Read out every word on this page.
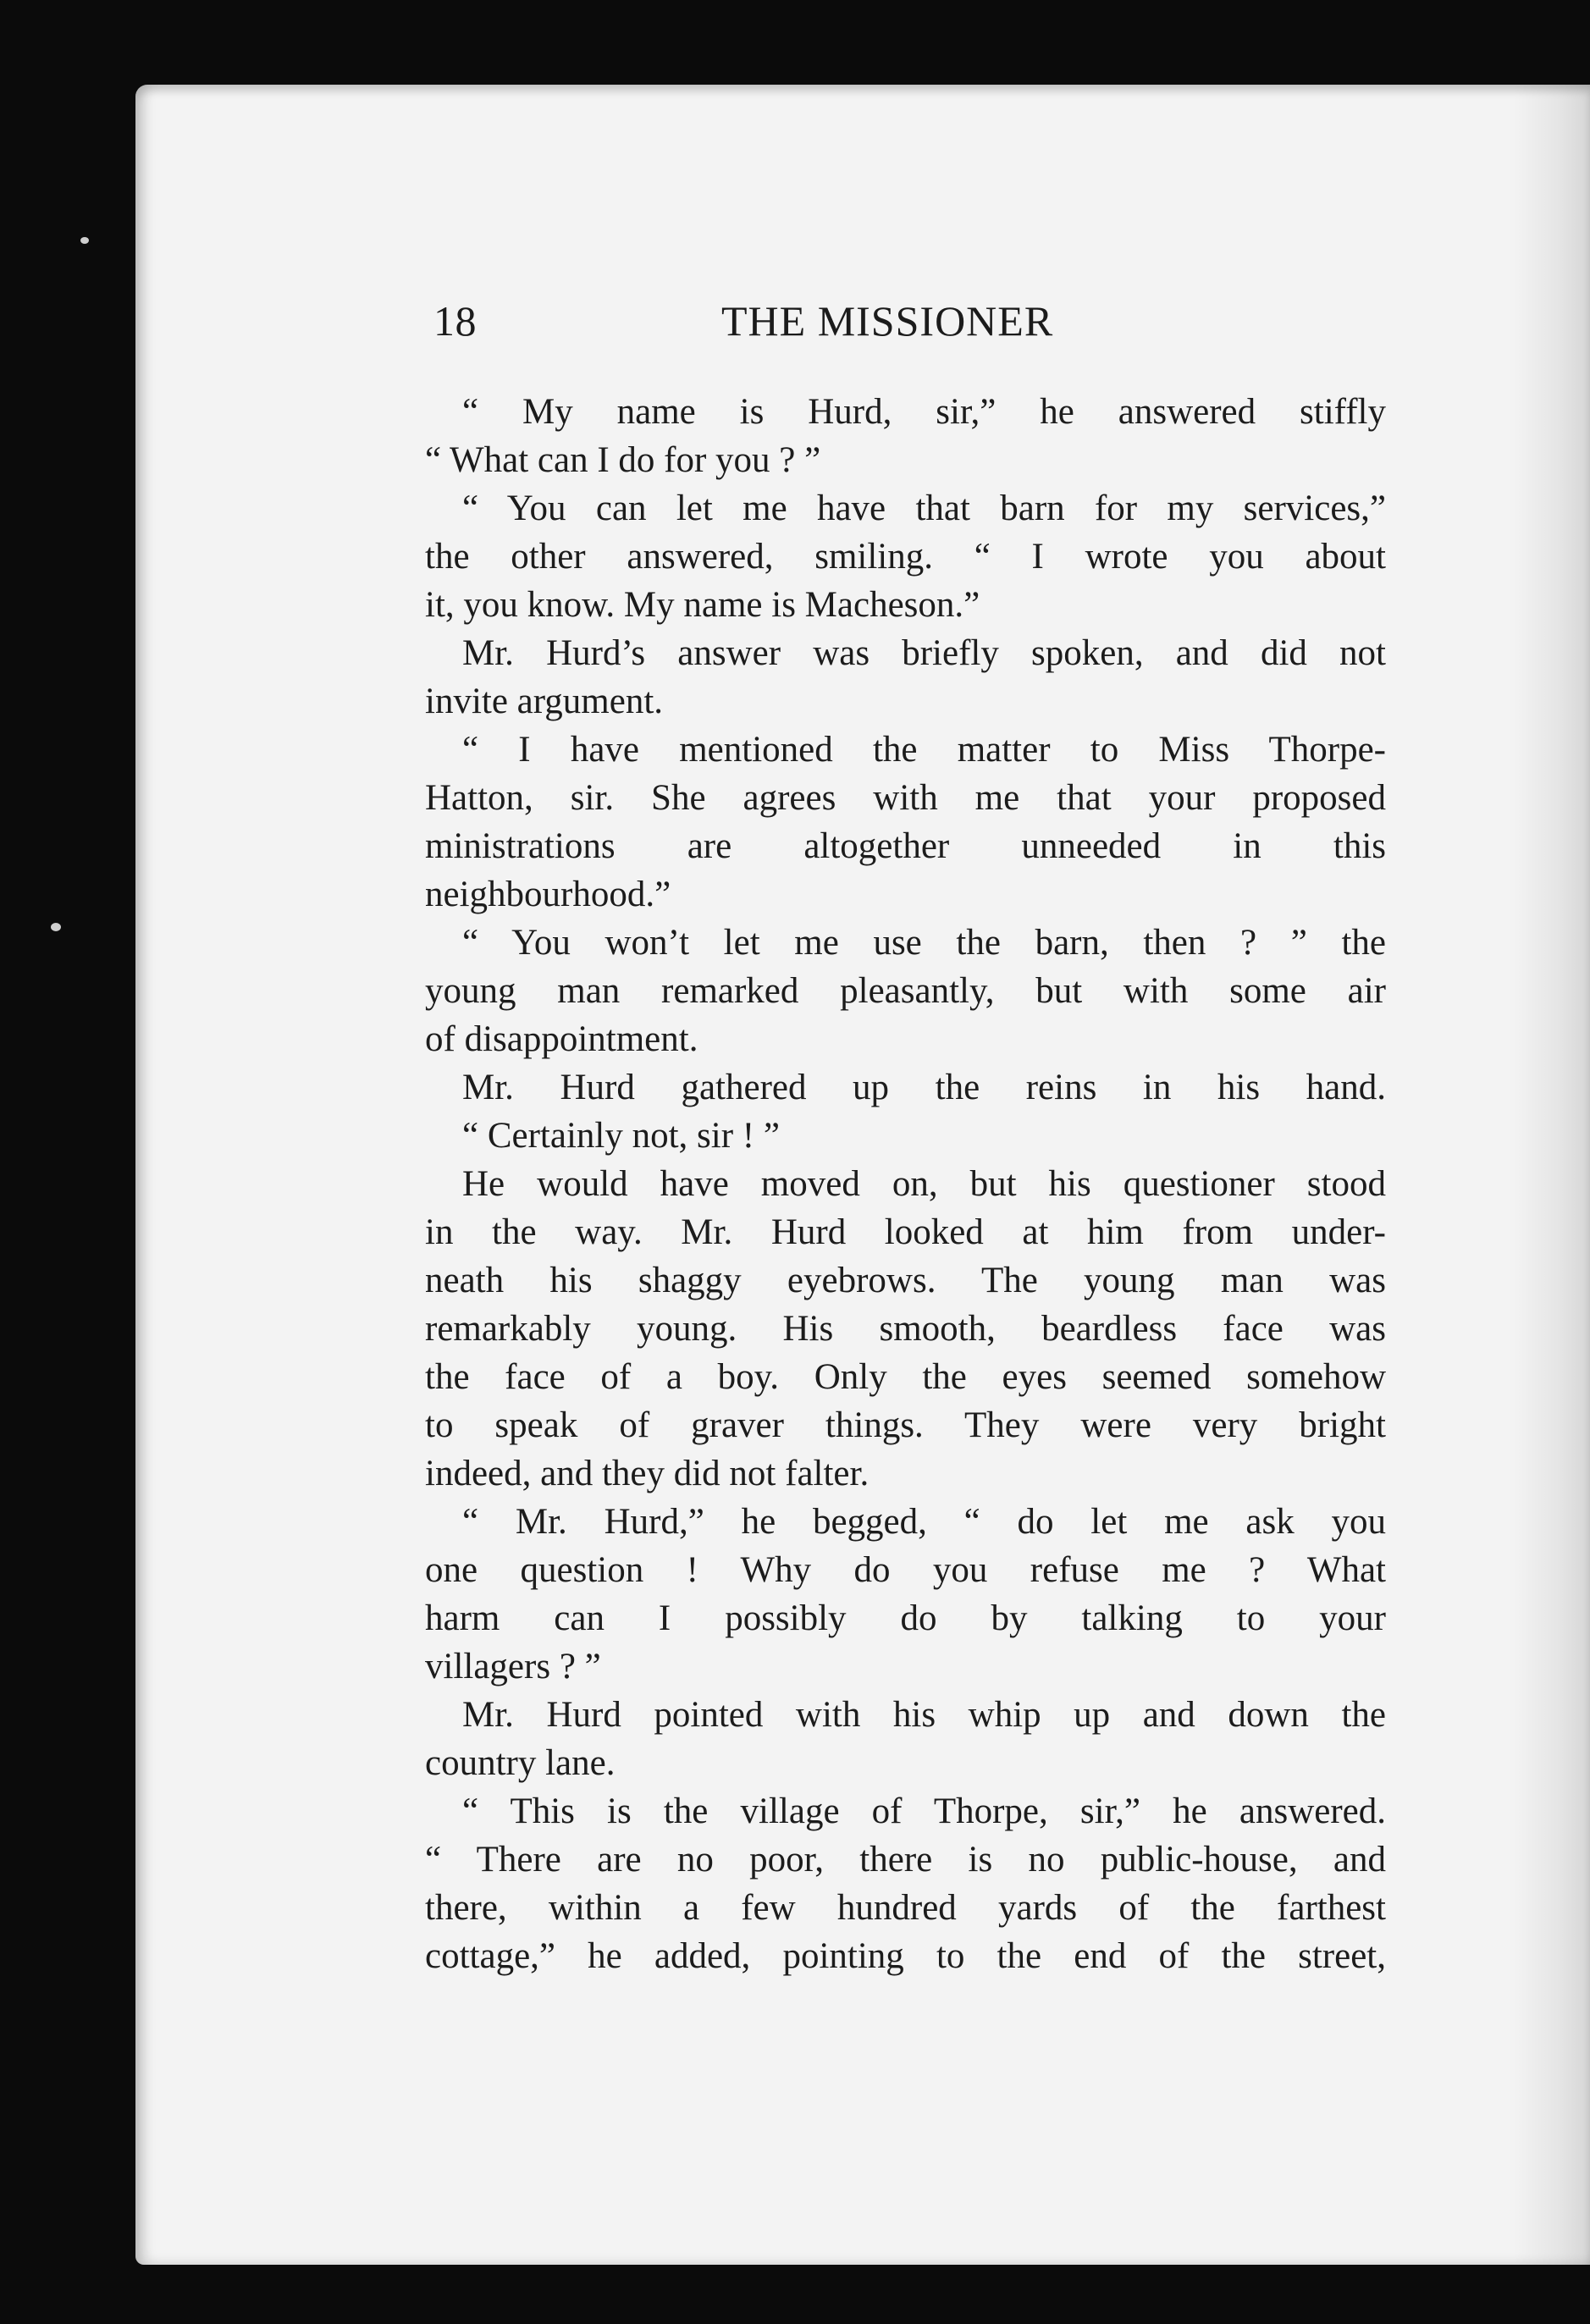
18	THE MISSIONER
“ My name is Hurd, sir,” he answered stiffly
“ What can I do for you ? ”
“ You can let me have that barn for my services,”
the other answered, smiling. “ I wrote you about
it, you know. My name is Macheson.”
Mr. Hurd’s answer was briefly spoken, and did not
invite argument.
“ I have mentioned the matter to Miss Thorpe-
Hatton, sir. She agrees with me that your proposed
ministrations are altogether unneeded in this
neighbourhood.”
“ You won’t let me use the barn, then ? ” the
young man remarked pleasantly, but with some air
of disappointment.
Mr. Hurd gathered up the reins in his hand.
“ Certainly not, sir ! ”
He would have moved on, but his questioner stood
in the way. Mr. Hurd looked at him from under-
neath his shaggy eyebrows. The young man was
remarkably young. His smooth, beardless face was
the face of a boy. Only the eyes seemed somehow
to speak of graver things. They were very bright
indeed, and they did not falter.
“ Mr. Hurd,” he begged, “ do let me ask you
one question ! Why do you refuse me ? What
harm can I possibly do by talking to your
villagers ? ”
Mr. Hurd pointed with his whip up and down the
country lane.
“ This is the village of Thorpe, sir,” he answered.
“ There are no poor, there is no public-house, and
there, within a few hundred yards of the farthest
cottage,” he added, pointing to the end of the street,
